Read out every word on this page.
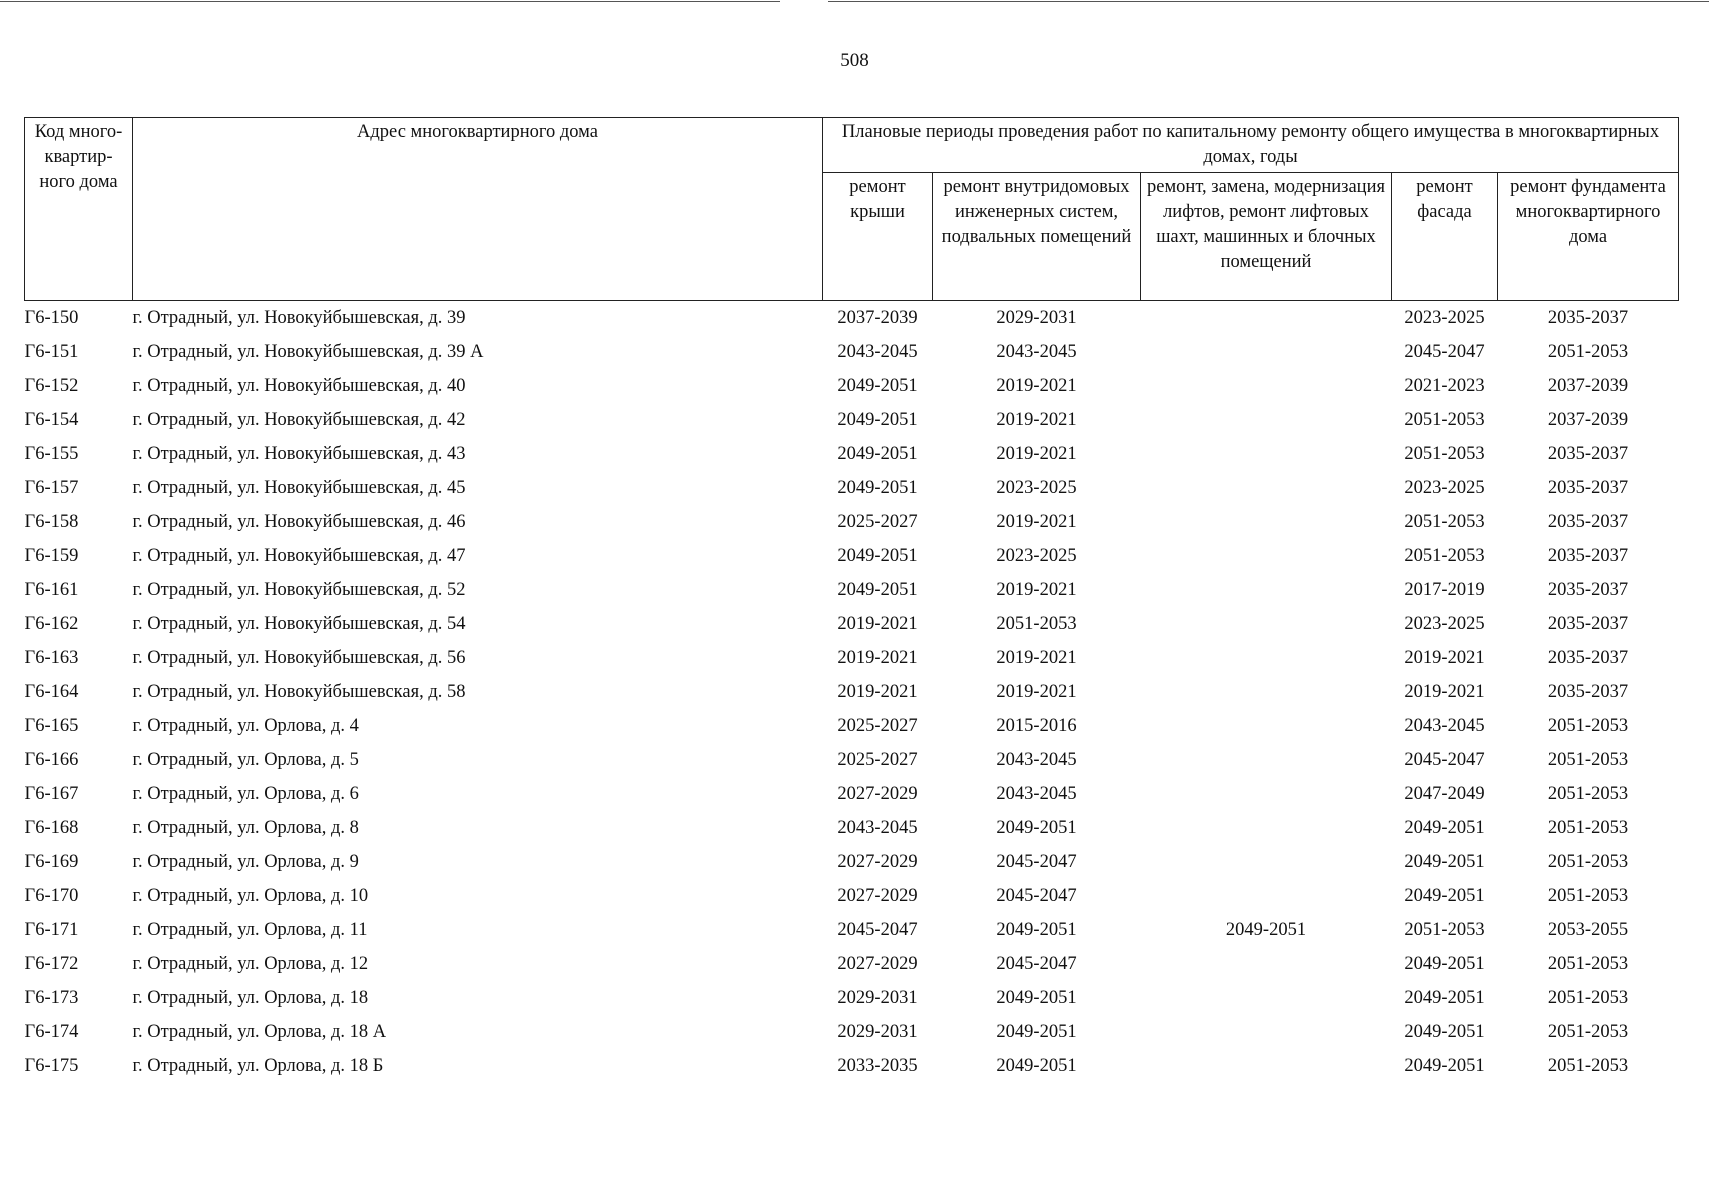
508
Код много-квартир-ного дома	Адрес многоквартирного дома	Плановые периоды проведения работ по капитальному ремонту общего имущества в многоквартирных домах, годы				
		ремонт крыши	ремонт внутридомовых инженерных систем, подвальных помещений	ремонт, замена, модернизация лифтов, ремонт лифтовых шахт, машинных и блочных помещений	ремонт фасада	ремонт фундамента многоквартирного дома
Г6-150	г. Отрадный, ул. Новокуйбышевская, д. 39	2037-2039	2029-2031		2023-2025	2035-2037
Г6-151	г. Отрадный, ул. Новокуйбышевская, д. 39 А	2043-2045	2043-2045		2045-2047	2051-2053
Г6-152	г. Отрадный, ул. Новокуйбышевская, д. 40	2049-2051	2019-2021		2021-2023	2037-2039
Г6-154	г. Отрадный, ул. Новокуйбышевская, д. 42	2049-2051	2019-2021		2051-2053	2037-2039
Г6-155	г. Отрадный, ул. Новокуйбышевская, д. 43	2049-2051	2019-2021		2051-2053	2035-2037
Г6-157	г. Отрадный, ул. Новокуйбышевская, д. 45	2049-2051	2023-2025		2023-2025	2035-2037
Г6-158	г. Отрадный, ул. Новокуйбышевская, д. 46	2025-2027	2019-2021		2051-2053	2035-2037
Г6-159	г. Отрадный, ул. Новокуйбышевская, д. 47	2049-2051	2023-2025		2051-2053	2035-2037
Г6-161	г. Отрадный, ул. Новокуйбышевская, д. 52	2049-2051	2019-2021		2017-2019	2035-2037
Г6-162	г. Отрадный, ул. Новокуйбышевская, д. 54	2019-2021	2051-2053		2023-2025	2035-2037
Г6-163	г. Отрадный, ул. Новокуйбышевская, д. 56	2019-2021	2019-2021		2019-2021	2035-2037
Г6-164	г. Отрадный, ул. Новокуйбышевская, д. 58	2019-2021	2019-2021		2019-2021	2035-2037
Г6-165	г. Отрадный, ул. Орлова, д. 4	2025-2027	2015-2016		2043-2045	2051-2053
Г6-166	г. Отрадный, ул. Орлова, д. 5	2025-2027	2043-2045		2045-2047	2051-2053
Г6-167	г. Отрадный, ул. Орлова, д. 6	2027-2029	2043-2045		2047-2049	2051-2053
Г6-168	г. Отрадный, ул. Орлова, д. 8	2043-2045	2049-2051		2049-2051	2051-2053
Г6-169	г. Отрадный, ул. Орлова, д. 9	2027-2029	2045-2047		2049-2051	2051-2053
Г6-170	г. Отрадный, ул. Орлова, д. 10	2027-2029	2045-2047		2049-2051	2051-2053
Г6-171	г. Отрадный, ул. Орлова, д. 11	2045-2047	2049-2051	2049-2051	2051-2053	2053-2055
Г6-172	г. Отрадный, ул. Орлова, д. 12	2027-2029	2045-2047		2049-2051	2051-2053
Г6-173	г. Отрадный, ул. Орлова, д. 18	2029-2031	2049-2051		2049-2051	2051-2053
Г6-174	г. Отрадный, ул. Орлова, д. 18 А	2029-2031	2049-2051		2049-2051	2051-2053
Г6-175	г. Отрадный, ул. Орлова, д. 18 Б	2033-2035	2049-2051		2049-2051	2051-2053
